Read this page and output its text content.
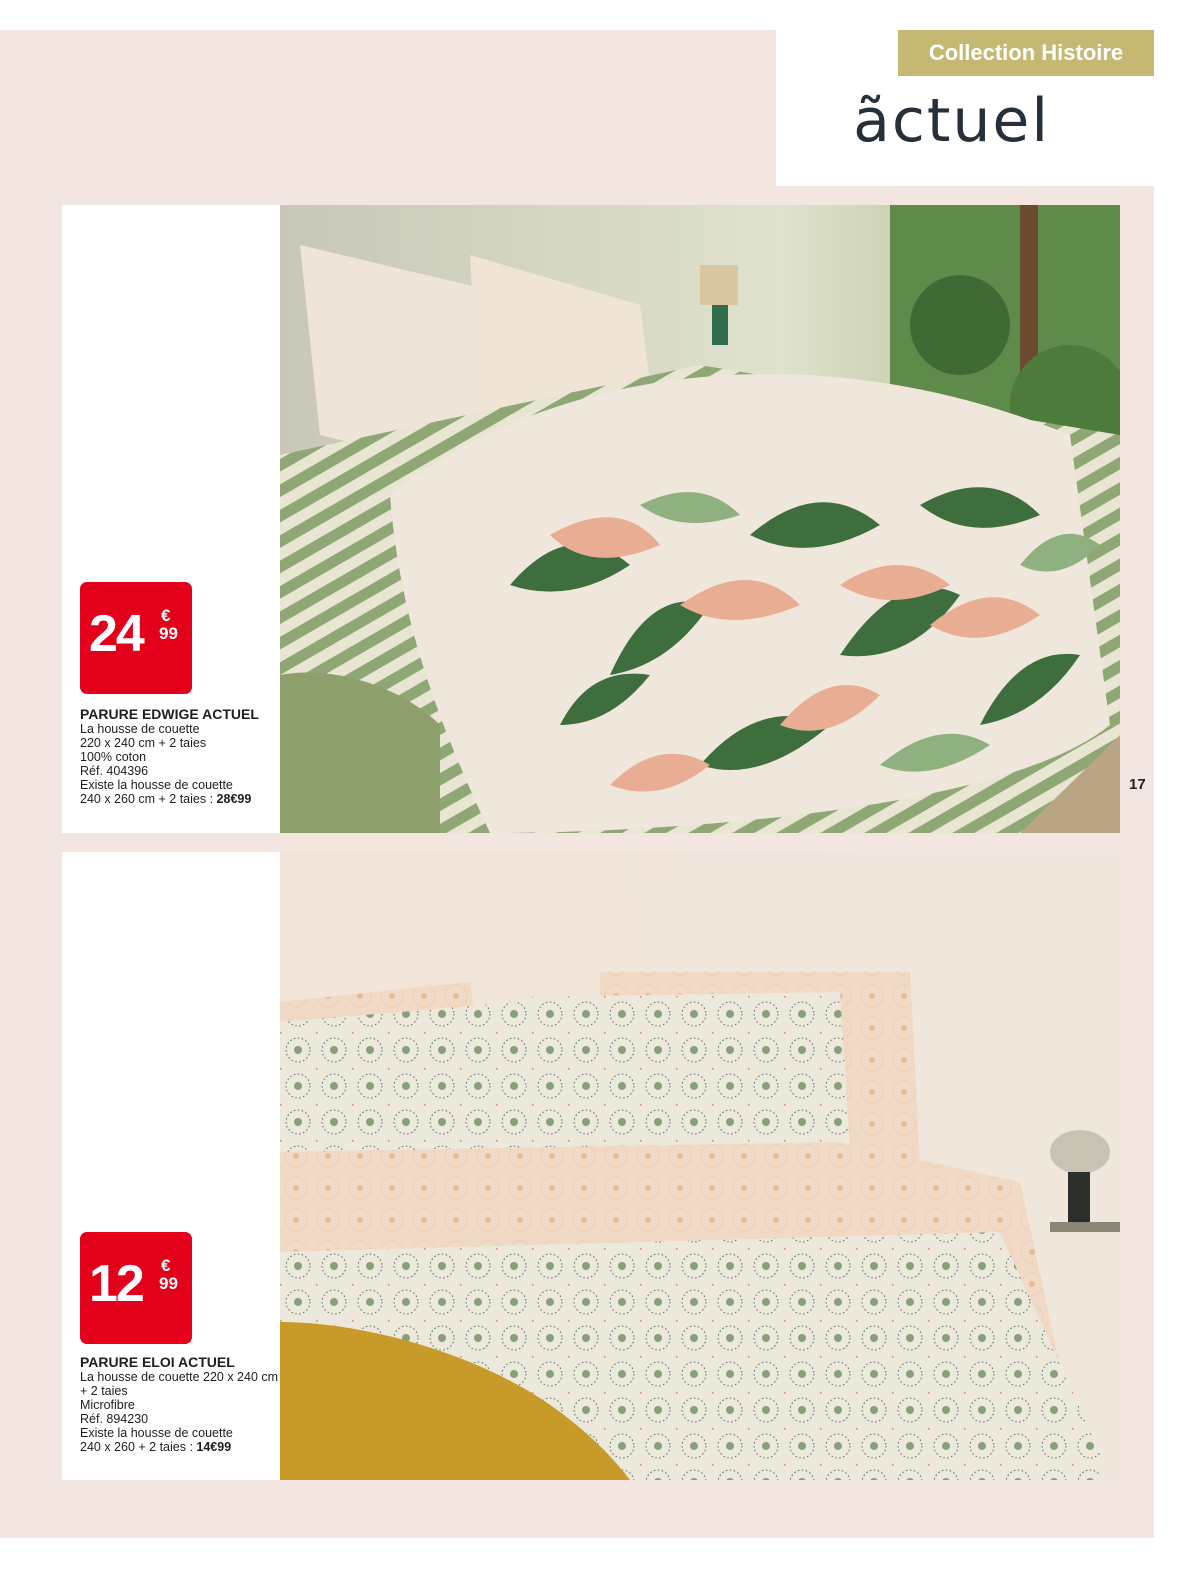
Collection Histoire
ãctuel
24 €
99
PARURE EDWIGE ACTUEL
La housse de couette
220 x 240 cm + 2 taies
100% coton
Réf. 404396
Existe la housse de couette
240 x 260 cm + 2 taies : 28€99
12 €
99
PARURE ELOI ACTUEL
La housse de couette 220 x 240 cm
+ 2 taies
Microfibre
Réf. 894230
Existe la housse de couette
240 x 260 + 2 taies : 14€99
17
